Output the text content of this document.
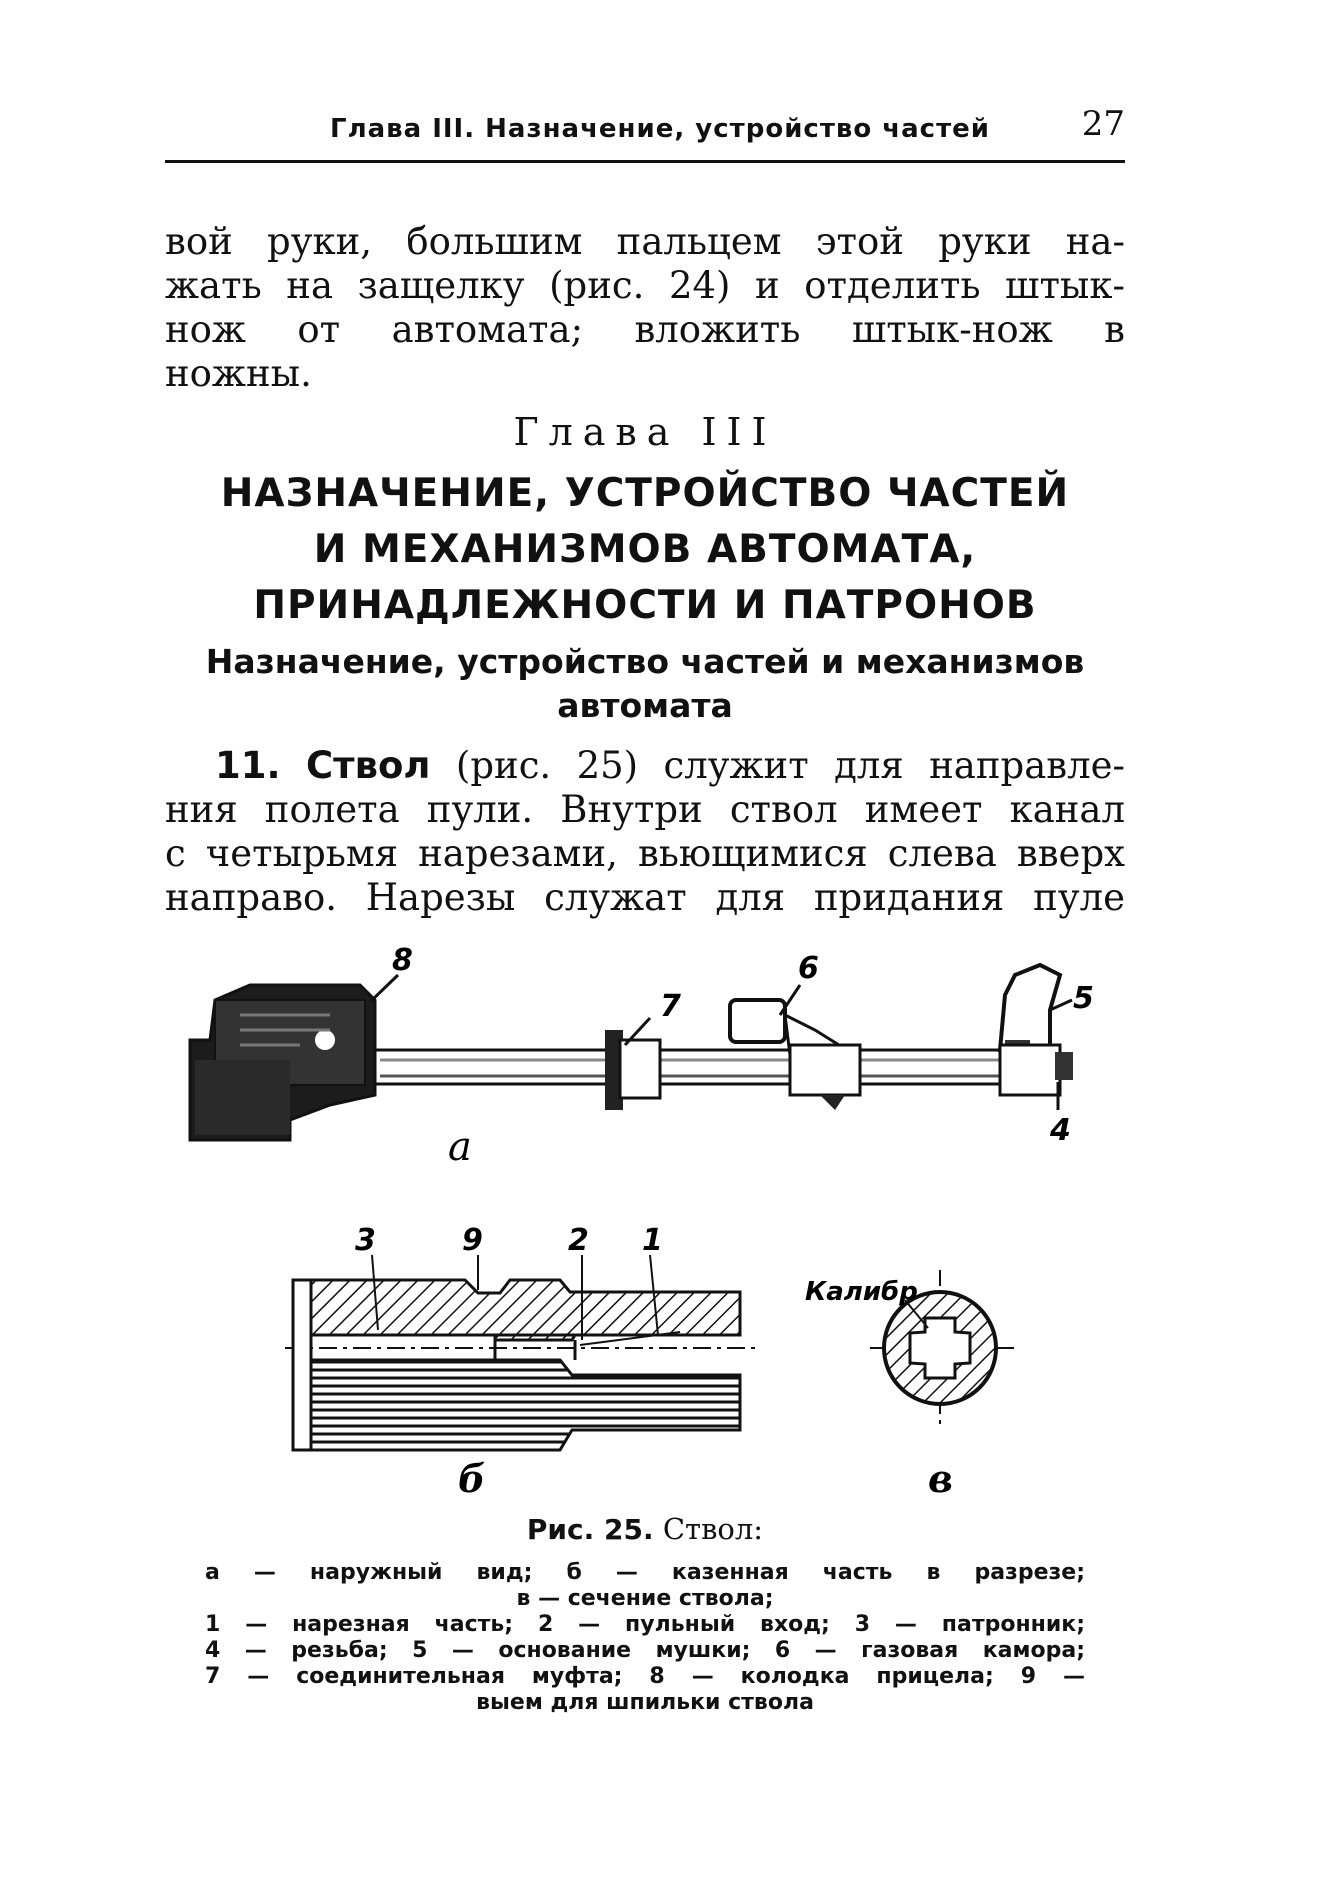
Глава III. Назначение, устройство частей	27
вой руки, большим пальцем этой руки на-
жать на защелку (рис. 24) и отделить штык-
нож от автомата; вложить штык-нож в
ножны.
Глава III
НАЗНАЧЕНИЕ, УСТРОЙСТВО ЧАСТЕЙ
И МЕХАНИЗМОВ АВТОМАТА,
ПРИНАДЛЕЖНОСТИ И ПАТРОНОВ
Назначение, устройство частей и механизмов
автомата
11. Ствол (рис. 25) служит для направле-
ния полета пули. Внутри ствол имеет канал
с четырьмя нарезами, вьющимися слева вверх
направо. Нарезы служат для придания пуле
8
7
6
5
4
а
3	9	2 1
б
Калибр
в
Рис. 25. Ствол:
а — наружный вид; б — казенная часть в разрезе;
в — сечение ствола;
1 — нарезная часть; 2 — пульный вход; 3 — патронник;
4 — резьба; 5 — основание мушки; 6 — газовая камора;
7 — соединительная муфта; 8 — колодка прицела; 9 —
выем для шпильки ствола
